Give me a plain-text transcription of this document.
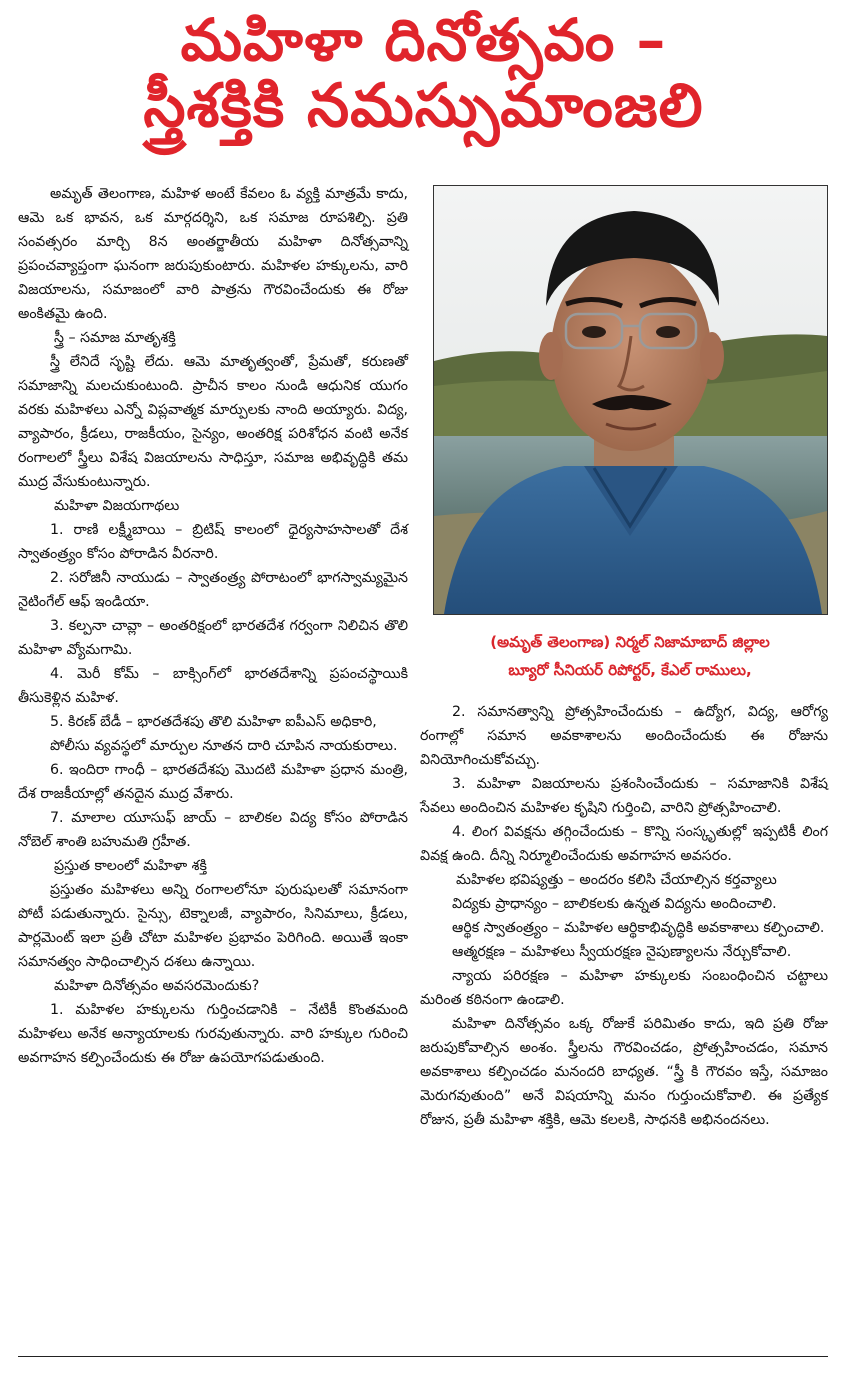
మహిళా దినోత్సవం –
స్త్రీశక్తికి నమస్సుమాంజలి

అమృత్ తెలంగాణ, మహిళ అంటే కేవలం ఓ వ్యక్తి మాత్రమే కాదు, ఆమె ఒక భావన, ఒక మార్గదర్శిని, ఒక సమాజ రూపశిల్పి. ప్రతి సంవత్సరం మార్చి 8న అంతర్జాతీయ మహిళా దినోత్సవాన్ని ప్రపంచవ్యాప్తంగా ఘనంగా జరుపుకుంటారు. మహిళల హక్కులను, వారి విజయాలను, సమాజంలో వారి పాత్రను గౌరవించేందుకు ఈ రోజు అంకితమై ఉంది.

స్త్రీ – సమాజ మాతృశక్తి

స్త్రీ లేనిదే సృష్టి లేదు. ఆమె మాతృత్వంతో, ప్రేమతో, కరుణతో సమాజాన్ని మలచుకుంటుంది. ప్రాచీన కాలం నుండి ఆధునిక యుగం వరకు మహిళలు ఎన్నో విప్లవాత్మక మార్పులకు నాంది అయ్యారు. విద్య, వ్యాపారం, క్రీడలు, రాజకీయం, సైన్యం, అంతరిక్ష పరిశోధన వంటి అనేక రంగాలలో స్త్రీలు విశేష విజయాలను సాధిస్తూ, సమాజ అభివృద్ధికి తమ ముద్ర వేసుకుంటున్నారు.

మహిళా విజయగాథలు

1. రాణి లక్ష్మీబాయి – బ్రిటిష్ కాలంలో ధైర్యసాహసాలతో దేశ స్వాతంత్ర్యం కోసం పోరాడిన వీరనారి.

2. సరోజినీ నాయుడు – స్వాతంత్ర్య పోరాటంలో భాగస్వామ్యమైన నైటింగేల్ ఆఫ్ ఇండియా.

3. కల్పనా చావ్లా – అంతరిక్షంలో భారతదేశ గర్వంగా నిలిచిన తొలి మహిళా వ్యోమగామి.

4. మెరీ కోమ్ – బాక్సింగ్‌లో భారతదేశాన్ని ప్రపంచస్థాయికి తీసుకెళ్లిన మహిళ.

5. కిరణ్ బేడీ – భారతదేశపు తొలి మహిళా ఐపీఎస్ అధికారి,

పోలీసు వ్యవస్థలో మార్పుల నూతన దారి చూపిన నాయకురాలు.

6. ఇందిరా గాంధీ – భారతదేశపు మొదటి మహిళా ప్రధాన మంత్రి, దేశ రాజకీయాల్లో తనదైన ముద్ర వేశారు.

7. మాలాల యూసుఫ్ జాయ్ – బాలికల విద్య కోసం పోరాడిన నోబెల్ శాంతి బహుమతి గ్రహీత.

ప్రస్తుత కాలంలో మహిళా శక్తి

ప్రస్తుతం మహిళలు అన్ని రంగాలలోనూ పురుషులతో సమానంగా పోటీ పడుతున్నారు. సైన్సు, టెక్నాలజీ, వ్యాపారం, సినిమాలు, క్రీడలు, పార్లమెంట్ ఇలా ప్రతీ చోటా మహిళల ప్రభావం పెరిగింది. అయితే ఇంకా సమానత్వం సాధించాల్సిన దశలు ఉన్నాయి.

మహిళా దినోత్సవం అవసరమెందుకు?

1. మహిళల హక్కులను గుర్తించడానికి – నేటికీ కొంతమంది మహిళలు అనేక అన్యాయాలకు గురవుతున్నారు. వారి హక్కుల గురించి అవగాహన కల్పించేందుకు ఈ రోజు ఉపయోగపడుతుంది.

(అమృత్ తెలంగాణ) నిర్మల్ నిజామాబాద్ జిల్లాల
బ్యూరో సీనియర్ రిపోర్టర్, కేఎల్ రాములు,

2. సమానత్వాన్ని ప్రోత్సహించేందుకు – ఉద్యోగ, విద్య, ఆరోగ్య రంగాల్లో సమాన అవకాశాలను అందించేందుకు ఈ రోజును వినియోగించుకోవచ్చు.

3. మహిళా విజయాలను ప్రశంసించేందుకు – సమాజానికి విశేష సేవలు అందించిన మహిళల కృషిని గుర్తించి, వారిని ప్రోత్సహించాలి.

4. లింగ వివక్షను తగ్గించేందుకు – కొన్ని సంస్కృతుల్లో ఇప్పటికీ లింగ వివక్ష ఉంది. దీన్ని నిర్మూలించేందుకు అవగాహన అవసరం.

మహిళల భవిష్యత్తు – అందరం కలిసి చేయాల్సిన కర్తవ్యాలు

విద్యకు ప్రాధాన్యం – బాలికలకు ఉన్నత విద్యను అందించాలి.

ఆర్థిక స్వాతంత్ర్యం – మహిళల ఆర్థికాభివృద్ధికి అవకాశాలు కల్పించాలి.

ఆత్మరక్షణ – మహిళలు స్వీయరక్షణ నైపుణ్యాలను నేర్చుకోవాలి.

న్యాయ పరిరక్షణ – మహిళా హక్కులకు సంబంధించిన చట్టాలు మరింత కఠినంగా ఉండాలి.

మహిళా దినోత్సవం ఒక్క రోజుకే పరిమితం కాదు, ఇది ప్రతి రోజు జరుపుకోవాల్సిన అంశం. స్త్రీలను గౌరవించడం, ప్రోత్సహించడం, సమాన అవకాశాలు కల్పించడం మనందరి బాధ్యత. “స్త్రీ కి గౌరవం ఇస్తే, సమాజం మెరుగవుతుంది” అనే విషయాన్ని మనం గుర్తుంచుకోవాలి. ఈ ప్రత్యేక రోజున, ప్రతీ మహిళా శక్తికి, ఆమె కలలకి, సాధనకి అభినందనలు.
